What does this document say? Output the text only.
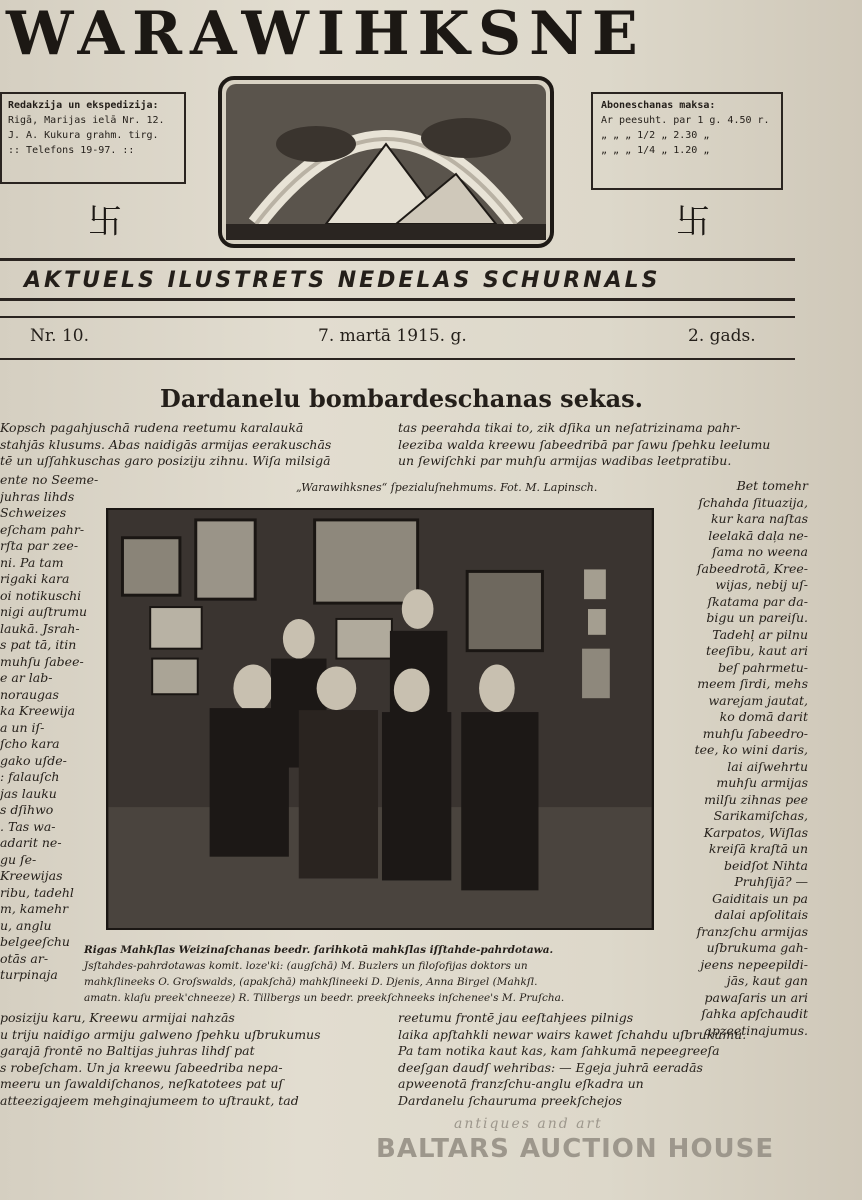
WARAWIHKSNE
Redakzija un ekspedizija:
Rigā, Marijas ielā Nr. 12.
J. A. Kukura grahm. tirg.
:: Telefons 19-97. ::
Aboneschanas maksa:
Ar peesuht. par 1 g. 4.50 r.
„ „ „ 1/2 „ 2.30 „
„ „ „ 1/4 „ 1.20 „
卐	卐
AKTUELS ILUSTRETS NEDELAS SCHURNALS
Nr. 10.	7. martā 1915. g.	2. gads.
Dardanelu bombardeschanas sekas.

Kopsch pagahjuschā rudena reetumu karalaukā

stahjās klusums. Abas naidigās armijas eerakuschās

tē un uſſahkuschas garo posiziju zihnu. Wiſa milsigā

tas peerahda tikai to, zik dſika un neſatrizinama pahr-

leeziba walda kreewu ſabeedribā par ſawu ſpehku leelumu

un ſewiſchki par muhſu armijas wadibas leetpratibu.

„Warawihksnes“ ſpezialuſnehmums. Fot. M. Lapinsch.

ente no Seeme-

juhras lihds

Schweizes

eſcham pahr-

rſta par zee-

ni. Pa tam

rigaki kara

oi notikuschi

nigi auſtrumu

laukā. Jsrah-

s pat tā, itin

muhſu ſabee-

e ar lab-

noraugas

ka Kreewija

a un iſ-

ſcho kara

gako uſde-

: falauſch

jas lauku

s dſihwo

. Tas wa-

adarit ne-

gu ſe-

Kreewijas

ribu, tadehl

m, kamehr

u, anglu

belgeeſchu

otās ar-

turpinaja

Bet tomehr

ſchahda ſituazija,

kur kara naſtas

leelakā daļa ne-

ſama no weena

ſabeedrotā, Kree-

wijas, nebij uſ-

ſkatama par da-

bigu un pareiſu.

Tadehļ ar pilnu

teeſibu, kaut ari

beſ pahrmetu-

meem ſirdi, mehs

warejam jautat,

ko domā darit

muhſu ſabeedro-

tee, ko wini daris,

lai aiſwehrtu

muhſu armijas

milſu zihnas pee

Sarikamiſchas,

Karpatos, Wiſlas

kreiſā kraſtā un

beidſot Nihta

Pruhſijā? —

Gaiditais un pa

dalai apſolitais

franzſchu armijas

uſbrukuma gah-

jeens nepeepildi-

jās, kaut gan

pawaſaris un ari

ſahka apſchaudit

apzeetinajumus.

Rigas Mahkſlas Weizinaſchanas beedr. ſarihkotā mahkſlas iſſtahde-pahrdotawa.

Jsſtahdes-pahrdotawas komit. loze'ki: (augſchā) M. Buzlers un filoſofijas doktors un

mahkſlineeks O. Groſswalds, (apakſchā) mahkſlineeki D. Djenis, Anna Birgel (Mahkſl.

amatn. klaſu preek'chneeze) R. Tillbergs un beedr. preekſchneeks inſchenee's M. Pruſcha.

posiziju karu, Kreewu armijai nahzās

u triju naidigo armiju galweno ſpehku uſbrukumus

garajā frontē no Baltijas juhras lihdſ pat

s robeſcham. Un ja kreewu ſabeedriba nepa-

meeru un ſawaldiſchanos, neſkatotees pat uſ

atteezigajeem mehginajumeem to uſtraukt, tad

reetumu frontē jau eeſtahjees pilnigs

laika apſtahkli newar wairs kawet ſchahdu uſbrukumu.

Pa tam notika kaut kas, kam ſahkumā nepeegreeſa

deeſgan daudſ wehribas: — Egeja juhrā eeradās

apweenotā franzſchu-anglu eſkadra un

Dardanelu ſchauruma preekſchejos

antiques and art
BALTARS AUCTION HOUSE
